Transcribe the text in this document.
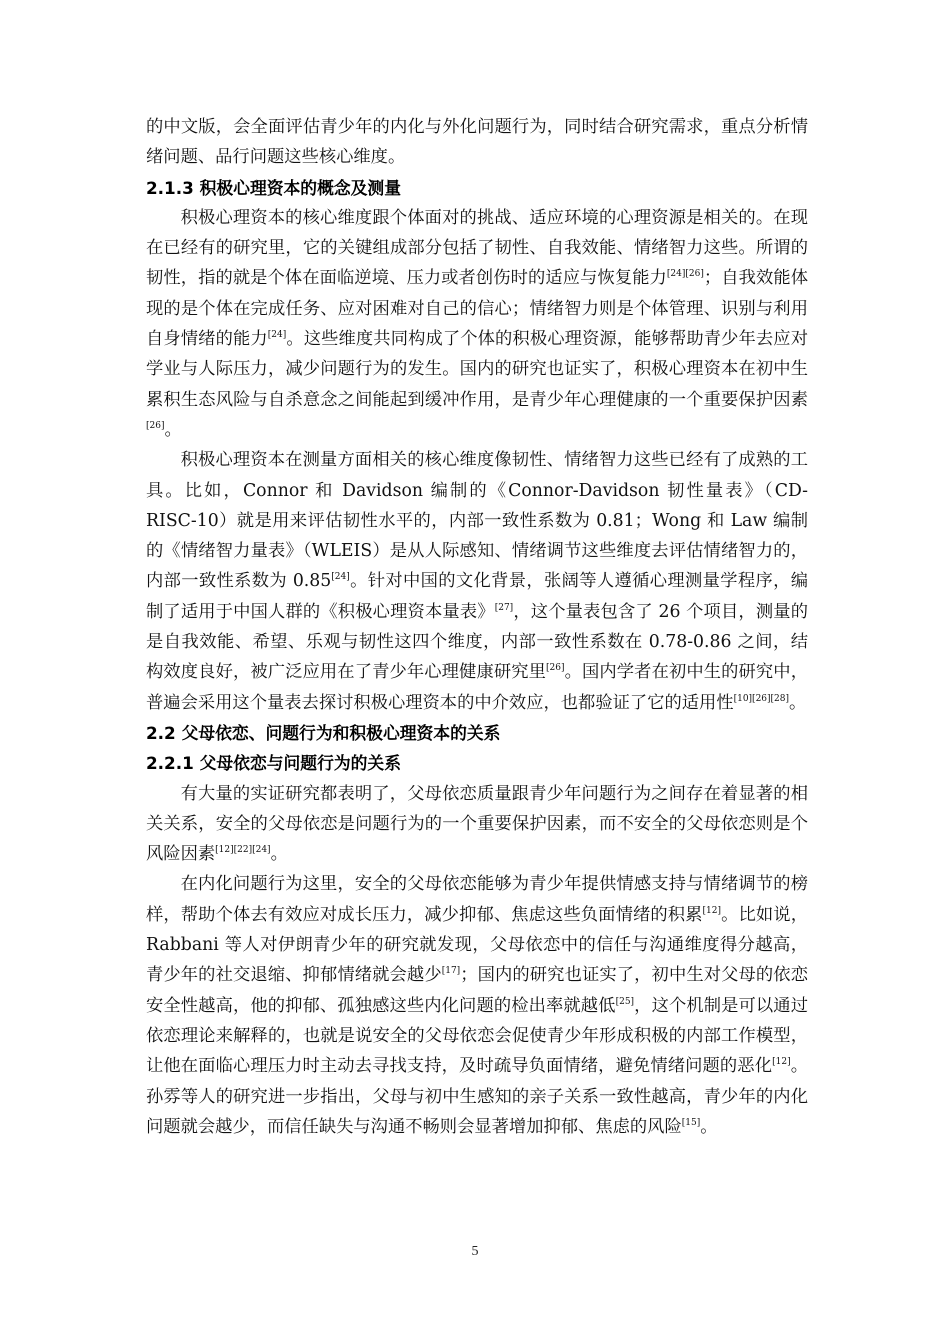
的中文版，会全面评估青少年的内化与外化问题行为，同时结合研究需求，重点分析情绪问题、品行问题这些核心维度。

2.1.3 积极心理资本的概念及测量

积极心理资本的核心维度跟个体面对的挑战、适应环境的心理资源是相关的。在现在已经有的研究里，它的关键组成部分包括了韧性、自我效能、情绪智力这些。所谓的韧性，指的就是个体在面临逆境、压力或者创伤时的适应与恢复能力[24][26]；自我效能体现的是个体在完成任务、应对困难对自己的信心；情绪智力则是个体管理、识别与利用自身情绪的能力[24]。这些维度共同构成了个体的积极心理资源，能够帮助青少年去应对学业与人际压力，减少问题行为的发生。国内的研究也证实了，积极心理资本在初中生累积生态风险与自杀意念之间能起到缓冲作用，是青少年心理健康的一个重要保护因素[26]。

积极心理资本在测量方面相关的核心维度像韧性、情绪智力这些已经有了成熟的工具。比如，Connor 和 Davidson 编制的《Connor-Davidson 韧性量表》（CD-RISC-10）就是用来评估韧性水平的，内部一致性系数为 0.81；Wong 和 Law 编制的《情绪智力量表》（WLEIS）是从人际感知、情绪调节这些维度去评估情绪智力的，内部一致性系数为 0.85[24]。针对中国的文化背景，张阔等人遵循心理测量学程序，编制了适用于中国人群的《积极心理资本量表》[27]，这个量表包含了 26 个项目，测量的是自我效能、希望、乐观与韧性这四个维度，内部一致性系数在 0.78-0.86 之间，结构效度良好，被广泛应用在了青少年心理健康研究里[26]。国内学者在初中生的研究中，普遍会采用这个量表去探讨积极心理资本的中介效应，也都验证了它的适用性[10][26][28]。

2.2 父母依恋、问题行为和积极心理资本的关系
2.2.1 父母依恋与问题行为的关系

有大量的实证研究都表明了，父母依恋质量跟青少年问题行为之间存在着显著的相关关系，安全的父母依恋是问题行为的一个重要保护因素，而不安全的父母依恋则是个风险因素[12][22][24]。

在内化问题行为这里，安全的父母依恋能够为青少年提供情感支持与情绪调节的榜样，帮助个体去有效应对成长压力，减少抑郁、焦虑这些负面情绪的积累[12]。比如说，Rabbani 等人对伊朗青少年的研究就发现，父母依恋中的信任与沟通维度得分越高，青少年的社交退缩、抑郁情绪就会越少[17]；国内的研究也证实了，初中生对父母的依恋安全性越高，他的抑郁、孤独感这些内化问题的检出率就越低[25]，这个机制是可以通过依恋理论来解释的，也就是说安全的父母依恋会促使青少年形成积极的内部工作模型，让他在面临心理压力时主动去寻找支持，及时疏导负面情绪，避免情绪问题的恶化[12]。孙雰等人的研究进一步指出，父母与初中生感知的亲子关系一致性越高，青少年的内化问题就会越少，而信任缺失与沟通不畅则会显著增加抑郁、焦虑的风险[15]。

5
